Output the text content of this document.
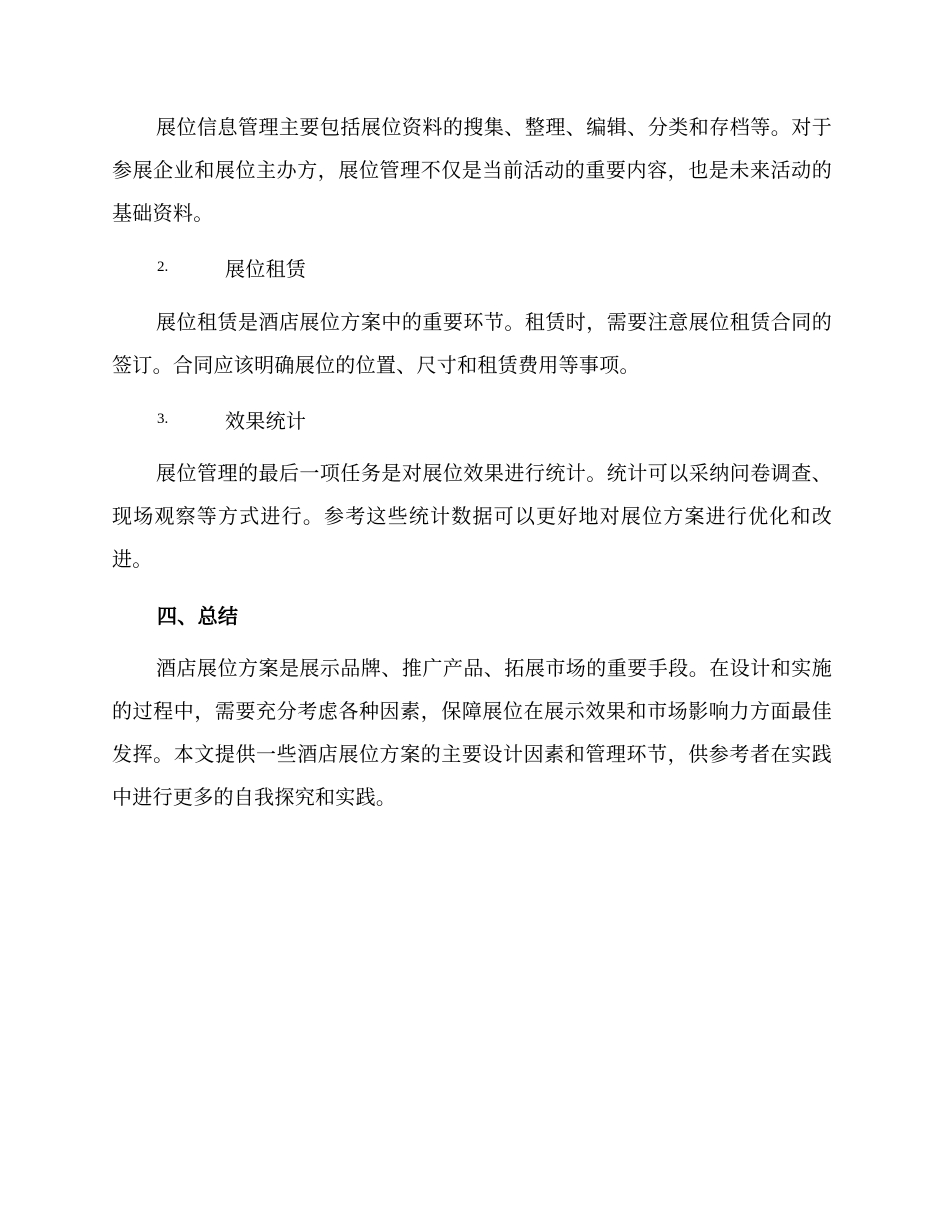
展位信息管理主要包括展位资料的搜集、整理、编辑、分类和存档等。对于参展企业和展位主办方，展位管理不仅是当前活动的重要内容，也是未来活动的基础资料。

2.	展位租赁

展位租赁是酒店展位方案中的重要环节。租赁时，需要注意展位租赁合同的签订。合同应该明确展位的位置、尺寸和租赁费用等事项。

3.	效果统计

展位管理的最后一项任务是对展位效果进行统计。统计可以采纳问卷调查、现场观察等方式进行。参考这些统计数据可以更好地对展位方案进行优化和改进。

四、总结

酒店展位方案是展示品牌、推广产品、拓展市场的重要手段。在设计和实施的过程中，需要充分考虑各种因素，保障展位在展示效果和市场影响力方面最佳发挥。本文提供一些酒店展位方案的主要设计因素和管理环节，供参考者在实践中进行更多的自我探究和实践。
